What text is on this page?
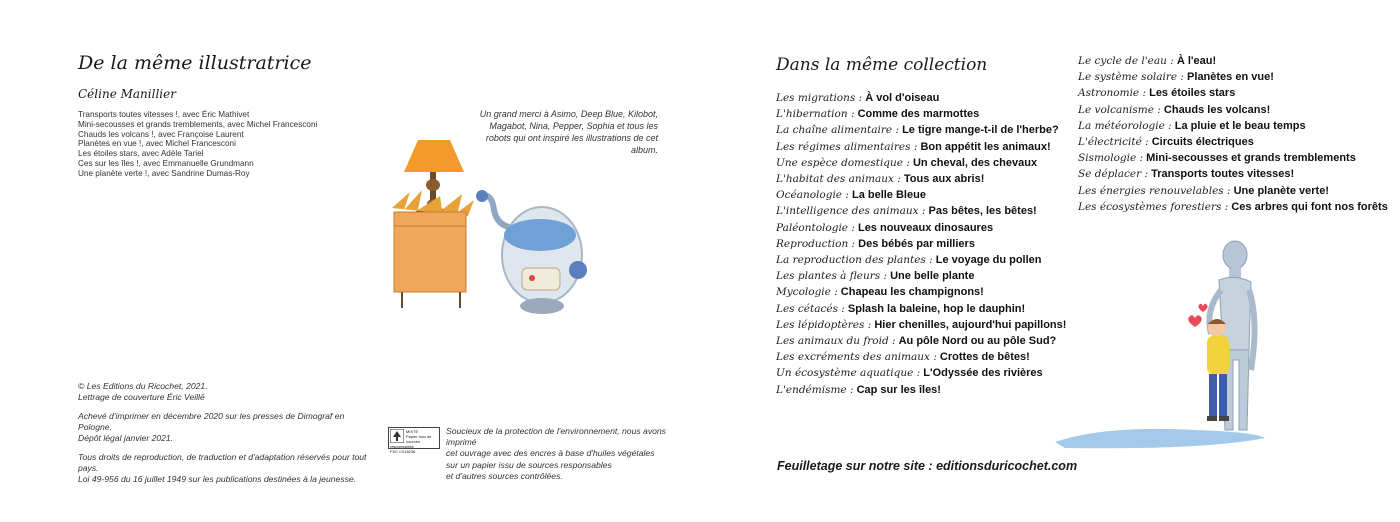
De la même illustratrice
Céline Manillier
Transports toutes vitesses !, avec Éric Mathivet
Mini-secousses et grands tremblements, avec Michel Francesconi
Chauds les volcans !, avec Françoise Laurent
Planètes en vue !, avec Michel Francesconi
Les étoiles stars, avec Adèle Tariel
Ces sur les îles !, avec Emmanuelle Grundmann
Une planète verte !, avec Sandrine Dumas-Roy
Un grand merci à Asimo, Deep Blue, Kilobot, Magabot, Nina, Pepper, Sophia et tous les robots qui ont inspiré les illustrations de cet album.

© Les Editions du Ricochet, 2021.
Lettrage de couverture Éric Veillé

Achevé d'imprimer en décembre 2020 sur les presses de Dimograf en Pologne.
Dépôt légal janvier 2021.

Tous droits de reproduction, de traduction et d'adaptation réservés pour tout pays.
Loi 49-956 du 16 juillet 1949 sur les publications destinées à la jeunesse.

MIXTE
Papier issu de sources responsables
FSC C018236
Soucieux de la protection de l'environnement, nous avons imprimé
cet ouvrage avec des encres à base d'huiles végétales
sur un papier issu de sources responsables
et d'autres sources contrôlées.
Dans la même collection
Les migrations : À vol d'oiseau
L'hibernation : Comme des marmottes
La chaîne alimentaire : Le tigre mange-t-il de l'herbe?
Les régimes alimentaires : Bon appétit les animaux!
Une espèce domestique : Un cheval, des chevaux
L'habitat des animaux : Tous aux abris!
Océanologie : La belle Bleue
L'intelligence des animaux : Pas bêtes, les bêtes!
Paléontologie : Les nouveaux dinosaures
Reproduction : Des bébés par milliers
La reproduction des plantes : Le voyage du pollen
Les plantes à fleurs : Une belle plante
Mycologie : Chapeau les champignons!
Les cétacés : Splash la baleine, hop le dauphin!
Les lépidoptères : Hier chenilles, aujourd'hui papillons!
Les animaux du froid : Au pôle Nord ou au pôle Sud?
Les excréments des animaux : Crottes de bêtes!
Un écosystème aquatique : L'Odyssée des rivières
L'endémisme : Cap sur les îles!
Le cycle de l'eau : À l'eau!
Le système solaire : Planètes en vue!
Astronomie : Les étoiles stars
Le volcanisme : Chauds les volcans!
La météorologie : La pluie et le beau temps
L'électricité : Circuits électriques
Sismologie : Mini-secousses et grands tremblements
Se déplacer : Transports toutes vitesses!
Les énergies renouvelables : Une planète verte!
Les écosystèmes forestiers : Ces arbres qui font nos forêts
Feuilletage sur notre site : editionsduricochet.com
